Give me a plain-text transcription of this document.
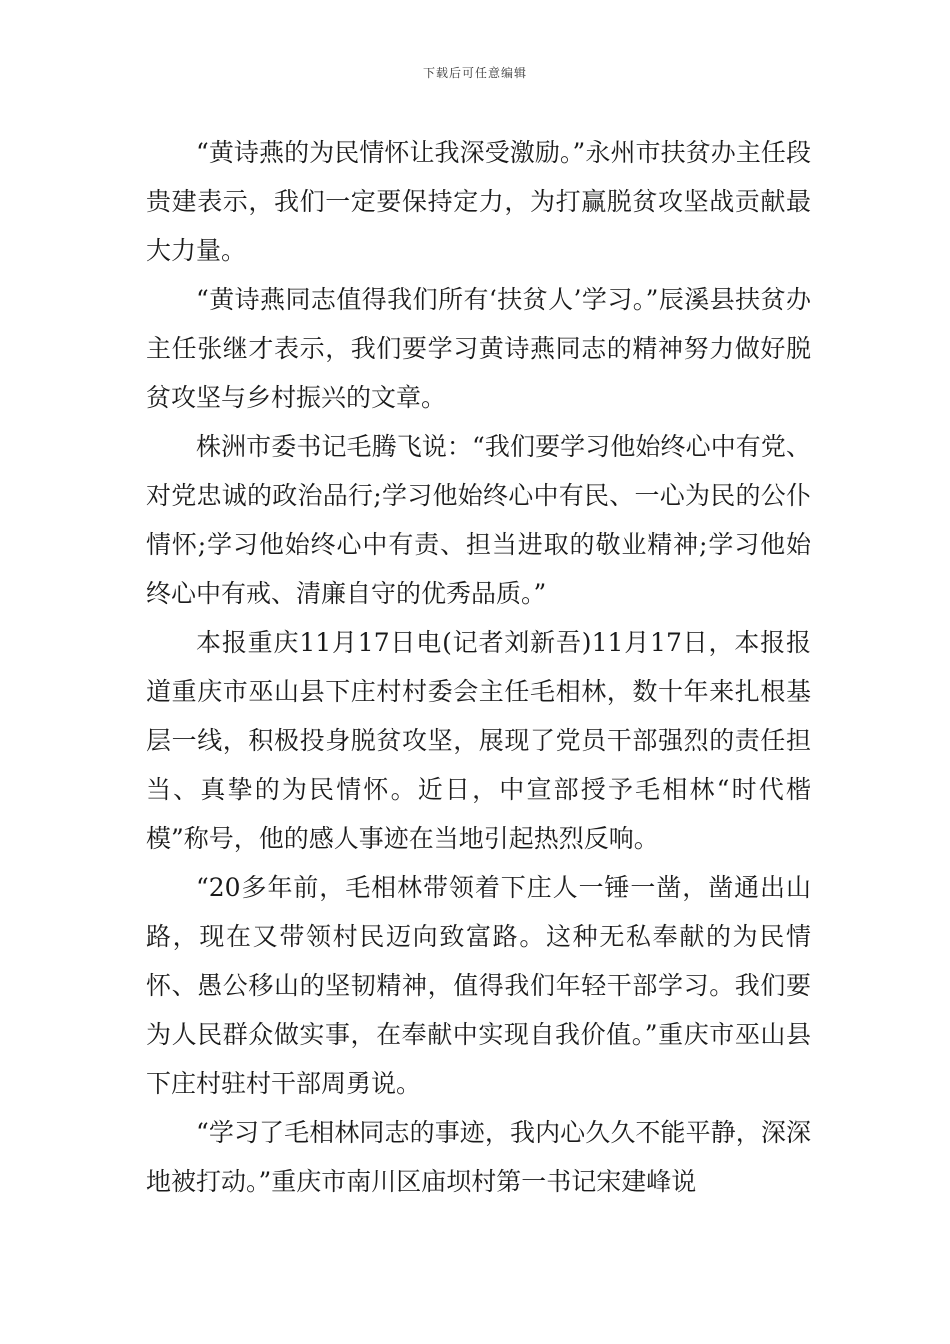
下载后可任意编辑

“黄诗燕的为民情怀让我深受激励。”永州市扶贫办主任段贵建表示，我们一定要保持定力，为打赢脱贫攻坚战贡献最大力量。

“黄诗燕同志值得我们所有‘扶贫人’学习。”辰溪县扶贫办主任张继才表示，我们要学习黄诗燕同志的精神努力做好脱贫攻坚与乡村振兴的文章。

株洲市委书记毛腾飞说：“我们要学习他始终心中有党、对党忠诚的政治品行;学习他始终心中有民、一心为民的公仆情怀;学习他始终心中有责、担当进取的敬业精神;学习他始终心中有戒、清廉自守的优秀品质。”

本报重庆11月17日电(记者刘新吾)11月17日，本报报道重庆市巫山县下庄村村委会主任毛相林，数十年来扎根基层一线，积极投身脱贫攻坚，展现了党员干部强烈的责任担当、真挚的为民情怀。近日，中宣部授予毛相林“时代楷模”称号，他的感人事迹在当地引起热烈反响。

“20多年前，毛相林带领着下庄人一锤一凿，凿通出山路，现在又带领村民迈向致富路。这种无私奉献的为民情怀、愚公移山的坚韧精神，值得我们年轻干部学习。我们要为人民群众做实事，在奉献中实现自我价值。”重庆市巫山县下庄村驻村干部周勇说。

“学习了毛相林同志的事迹，我内心久久不能平静，深深地被打动。”重庆市南川区庙坝村第一书记宋建峰说
